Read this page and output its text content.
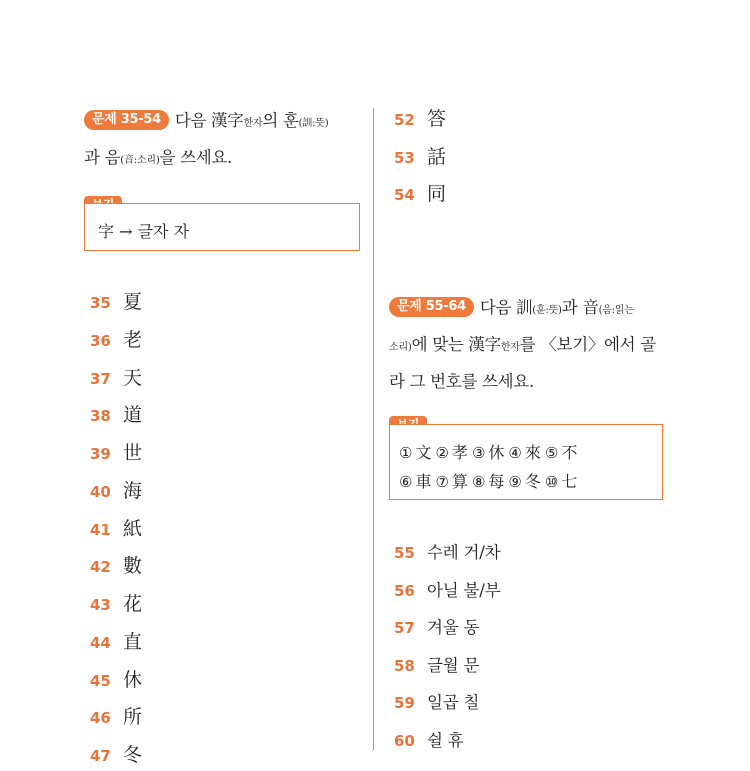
문제 35-54 다음 漢字한자의 훈(訓:뜻)
과 음(音:소리)을 쓰세요.
字 → 글자 자
35 夏
36 老
37 天
38 道
39 世
40 海
41 紙
42 數
43 花
44 直
45 休
46 所
47 冬
52 答
53 話
54 同
문제 55-64 다음 訓(훈:뜻)과 音(음:읽는
소리)에 맞는 漢字한자를 〈보기〉에서 골
라 그 번호를 쓰세요.
① 文 ② 孝 ③ 休 ④ 來 ⑤ 不
⑥ 車 ⑦ 算 ⑧ 每 ⑨ 冬 ⑩ 七
55 수레 거/차
56 아닐 불/부
57 겨울 동
58 글월 문
59 일곱 칠
60 쉴 휴
